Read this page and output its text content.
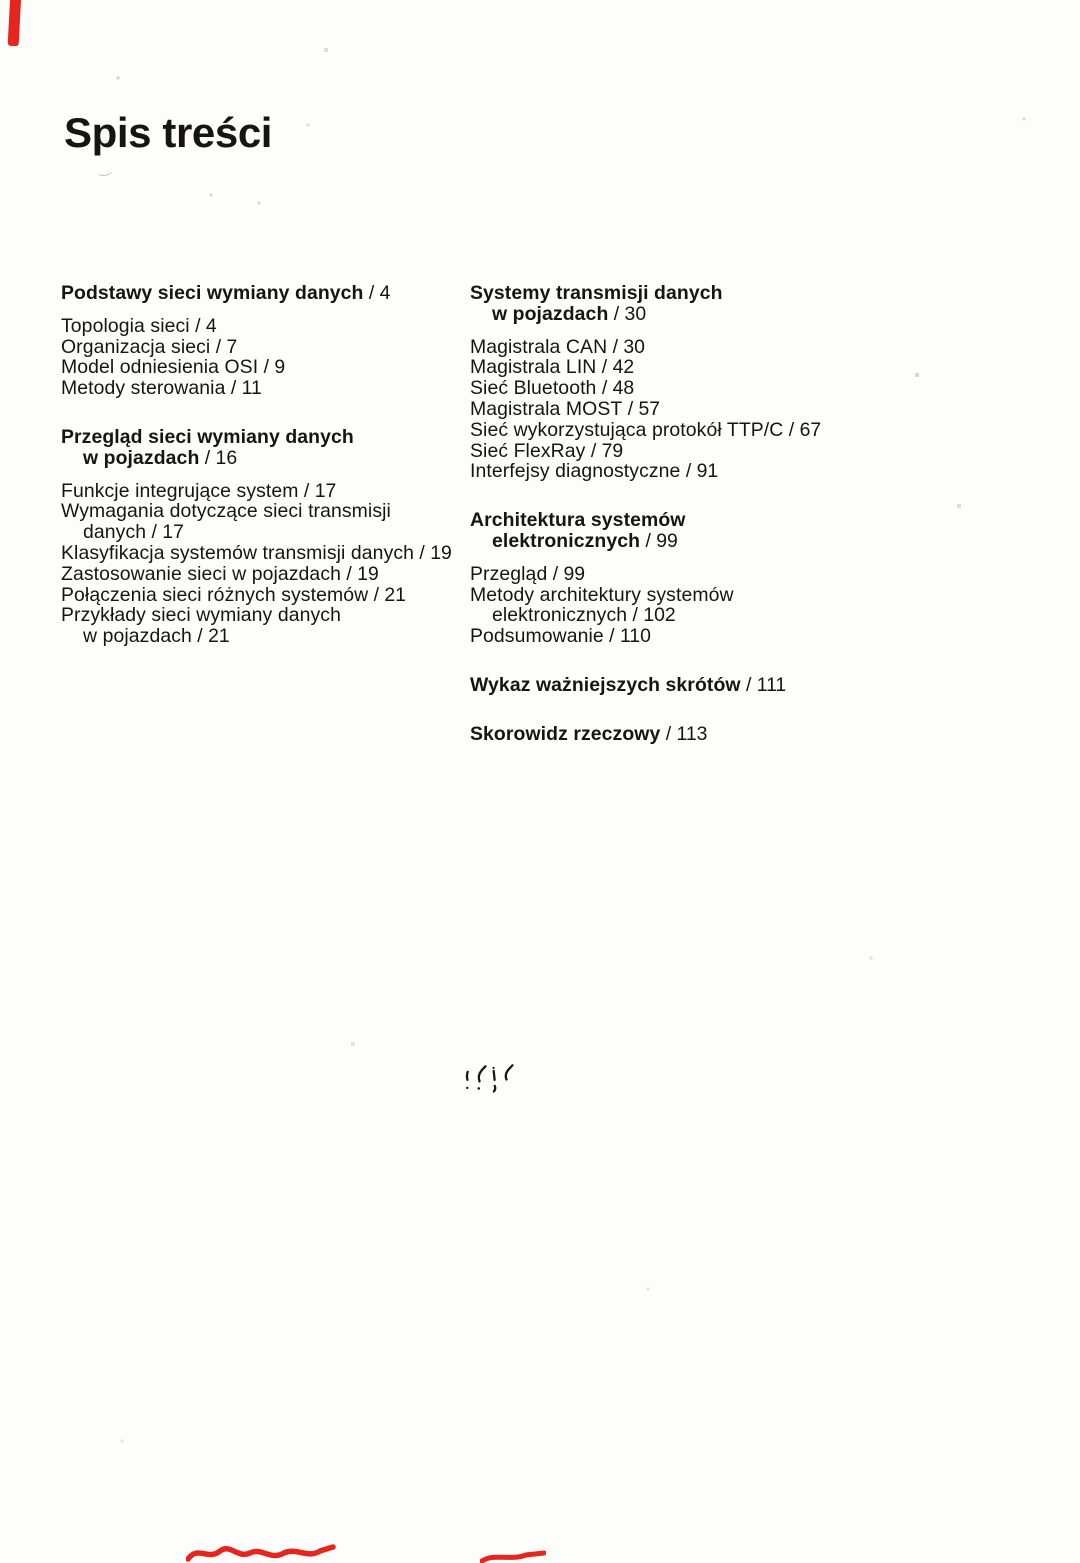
Spis treści
Podstawy sieci wymiany danych / 4
Topologia sieci / 4
Organizacja sieci / 7
Model odniesienia OSI / 9
Metody sterowania / 11
Przegląd sieci wymiany danych
w pojazdach / 16
Funkcje integrujące system / 17
Wymagania dotyczące sieci transmisji
danych / 17
Klasyfikacja systemów transmisji danych / 19
Zastosowanie sieci w pojazdach / 19
Połączenia sieci różnych systemów / 21
Przykłady sieci wymiany danych
w pojazdach / 21
Systemy transmisji danych
w pojazdach / 30
Magistrala CAN / 30
Magistrala LIN / 42
Sieć Bluetooth / 48
Magistrala MOST / 57
Sieć wykorzystująca protokół TTP/C / 67
Sieć FlexRay / 79
Interfejsy diagnostyczne / 91
Architektura systemów
elektronicznych / 99
Przegląd / 99
Metody architektury systemów
elektronicznych / 102
Podsumowanie / 110
Wykaz ważniejszych skrótów / 111
Skorowidz rzeczowy / 113
